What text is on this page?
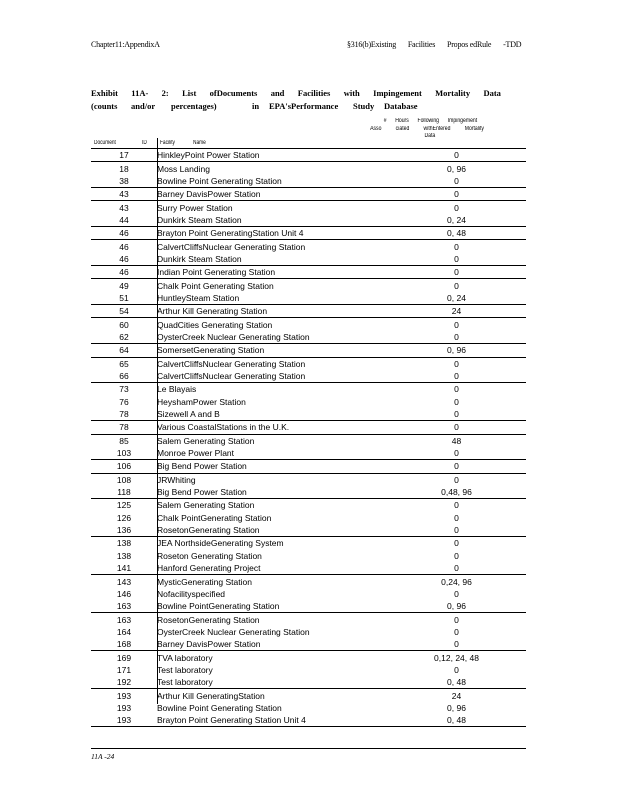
Chapter11:AppendixA	§316(b)Existing Facilities Propos edRule -TDD
Exhibit 11A- 2: List ofDocuments and Facilities with Impingement Mortality Data
(counts and/or percentages)	in EPA'sPerformance Study Database
# Hours Following Impingement
Asso ciated withEntered Mortality
Data
Document	ID Facility	Name
17	HinkleyPoint Power Station	0
18	Moss Landing	0, 96
38	Bowline Point Generating Station	0
43	Barney DavisPower Station	0
43	Surry Power Station	0
44	Dunkirk Steam Station	0, 24
46	Brayton Point GeneratingStation Unit 4	0, 48
46	CalvertCliffsNuclear Generating Station	0
46	Dunkirk Steam Station	0
46	Indian Point Generating Station	0
49	Chalk Point Generating Station	0
51	HuntleySteam Station	0, 24
54	Arthur Kill Generating Station	24
60	QuadCities Generating Station	0
62	OysterCreek Nuclear Generating Station	0
64	SomersetGenerating Station	0, 96
65	CalvertCliffsNuclear Generating Station	0
66	CalvertCliffsNuclear Generating Station	0
73	Le Blayais	0
76	HeyshamPower Station	0
78	Sizewell A and B	0
78	Various CoastalStations in the U.K.	0
85	Salem Generating Station	48
103	Monroe Power Plant	0
106	Big Bend Power Station	0
108	JRWhiting	0
118	Big Bend Power Station	0,48, 96
125	Salem Generating Station	0
126	Chalk PointGenerating Station	0
136	RosetonGenerating Station	0
138	JEA NorthsideGenerating System	0
138	Roseton Generating Station	0
141	Hanford Generating Project	0
143	MysticGenerating Station	0,24, 96
146	Nofacilityspecified	0
163	Bowline PointGenerating Station	0, 96
163	RosetonGenerating Station	0
164	OysterCreek Nuclear Generating Station	0
168	Barney DavisPower Station	0
169	TVA laboratory	0,12, 24, 48
171	Test laboratory	0
192	Test laboratory	0, 48
193	Arthur Kill GeneratingStation	24
193	Bowline Point Generating Station	0, 96
193	Brayton Point Generating Station Unit 4	0, 48
11A -24
